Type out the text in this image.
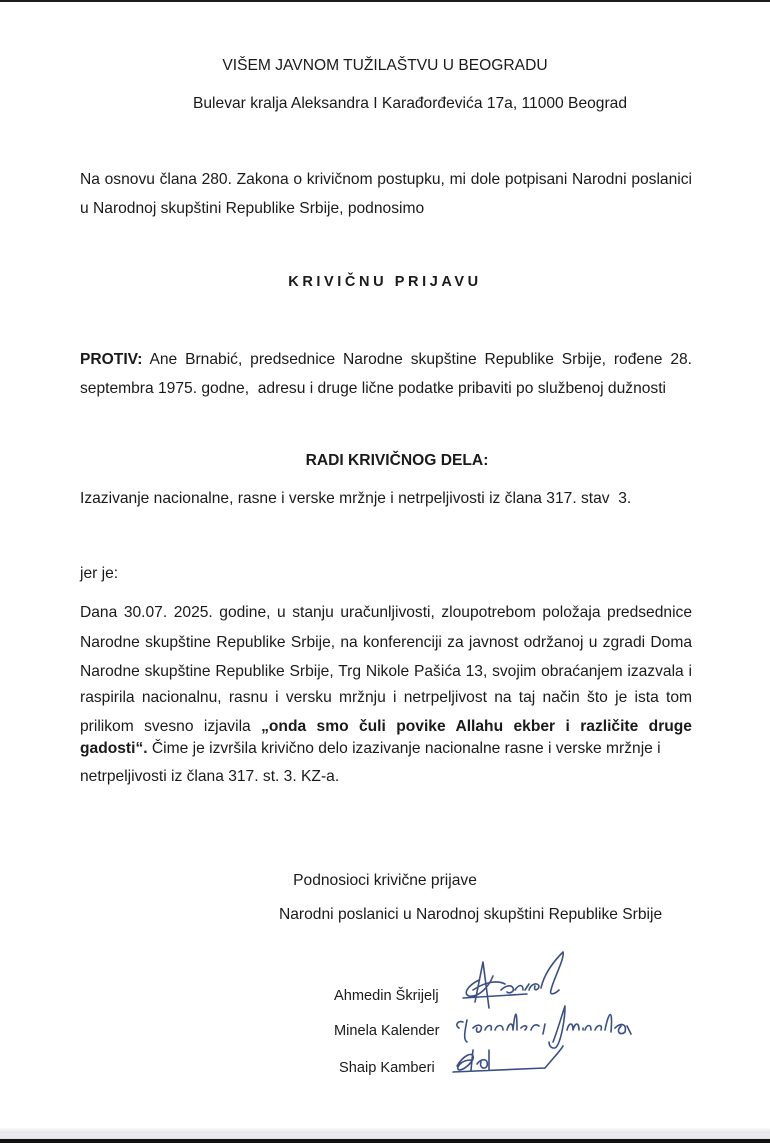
VIŠEM JAVNOM TUŽILAŠTVU U BEOGRADU
Bulevar kralja Aleksandra I Karađorđevića 17a, 11000 Beograd
Na osnovu člana 280. Zakona o krivičnom postupku, mi dole potpisani Narodni poslanici
u Narodnoj skupštini Republike Srbije, podnosimo
KRIVIČNU PRIJAVU
PROTIV: Ane Brnabić, predsednice Narodne skupštine Republike Srbije, rođene 28.
septembra 1975. godne,  adresu i druge lične podatke pribaviti po službenoj dužnosti
RADI KRIVIČNOG DELA:
Izazivanje nacionalne, rasne i verske mržnje i netrpeljivosti iz člana 317. stav  3.
jer je:
Dana 30.07. 2025. godine, u stanju uračunljivosti, zloupotrebom položaja predsednice
Narodne skupštine Republike Srbije, na konferenciji za javnost održanoj u zgradi Doma
Narodne skupštine Republike Srbije, Trg Nikole Pašića 13, svojim obraćanjem izazvala i
raspirila nacionalnu, rasnu i versku mržnju i netrpeljivost na taj način što je ista tom
prilikom svesno izjavila „onda smo čuli povike Allahu ekber i različite druge
gadosti“. Čime je izvršila krivično delo izazivanje nacionalne rasne i verske mržnje i
netrpeljivosti iz člana 317. st. 3. KZ-a.
Podnosioci krivične prijave
Narodni poslanici u Narodnoj skupštini Republike Srbije
Ahmedin Škrijelj
Minela Kalender
Shaip Kamberi
